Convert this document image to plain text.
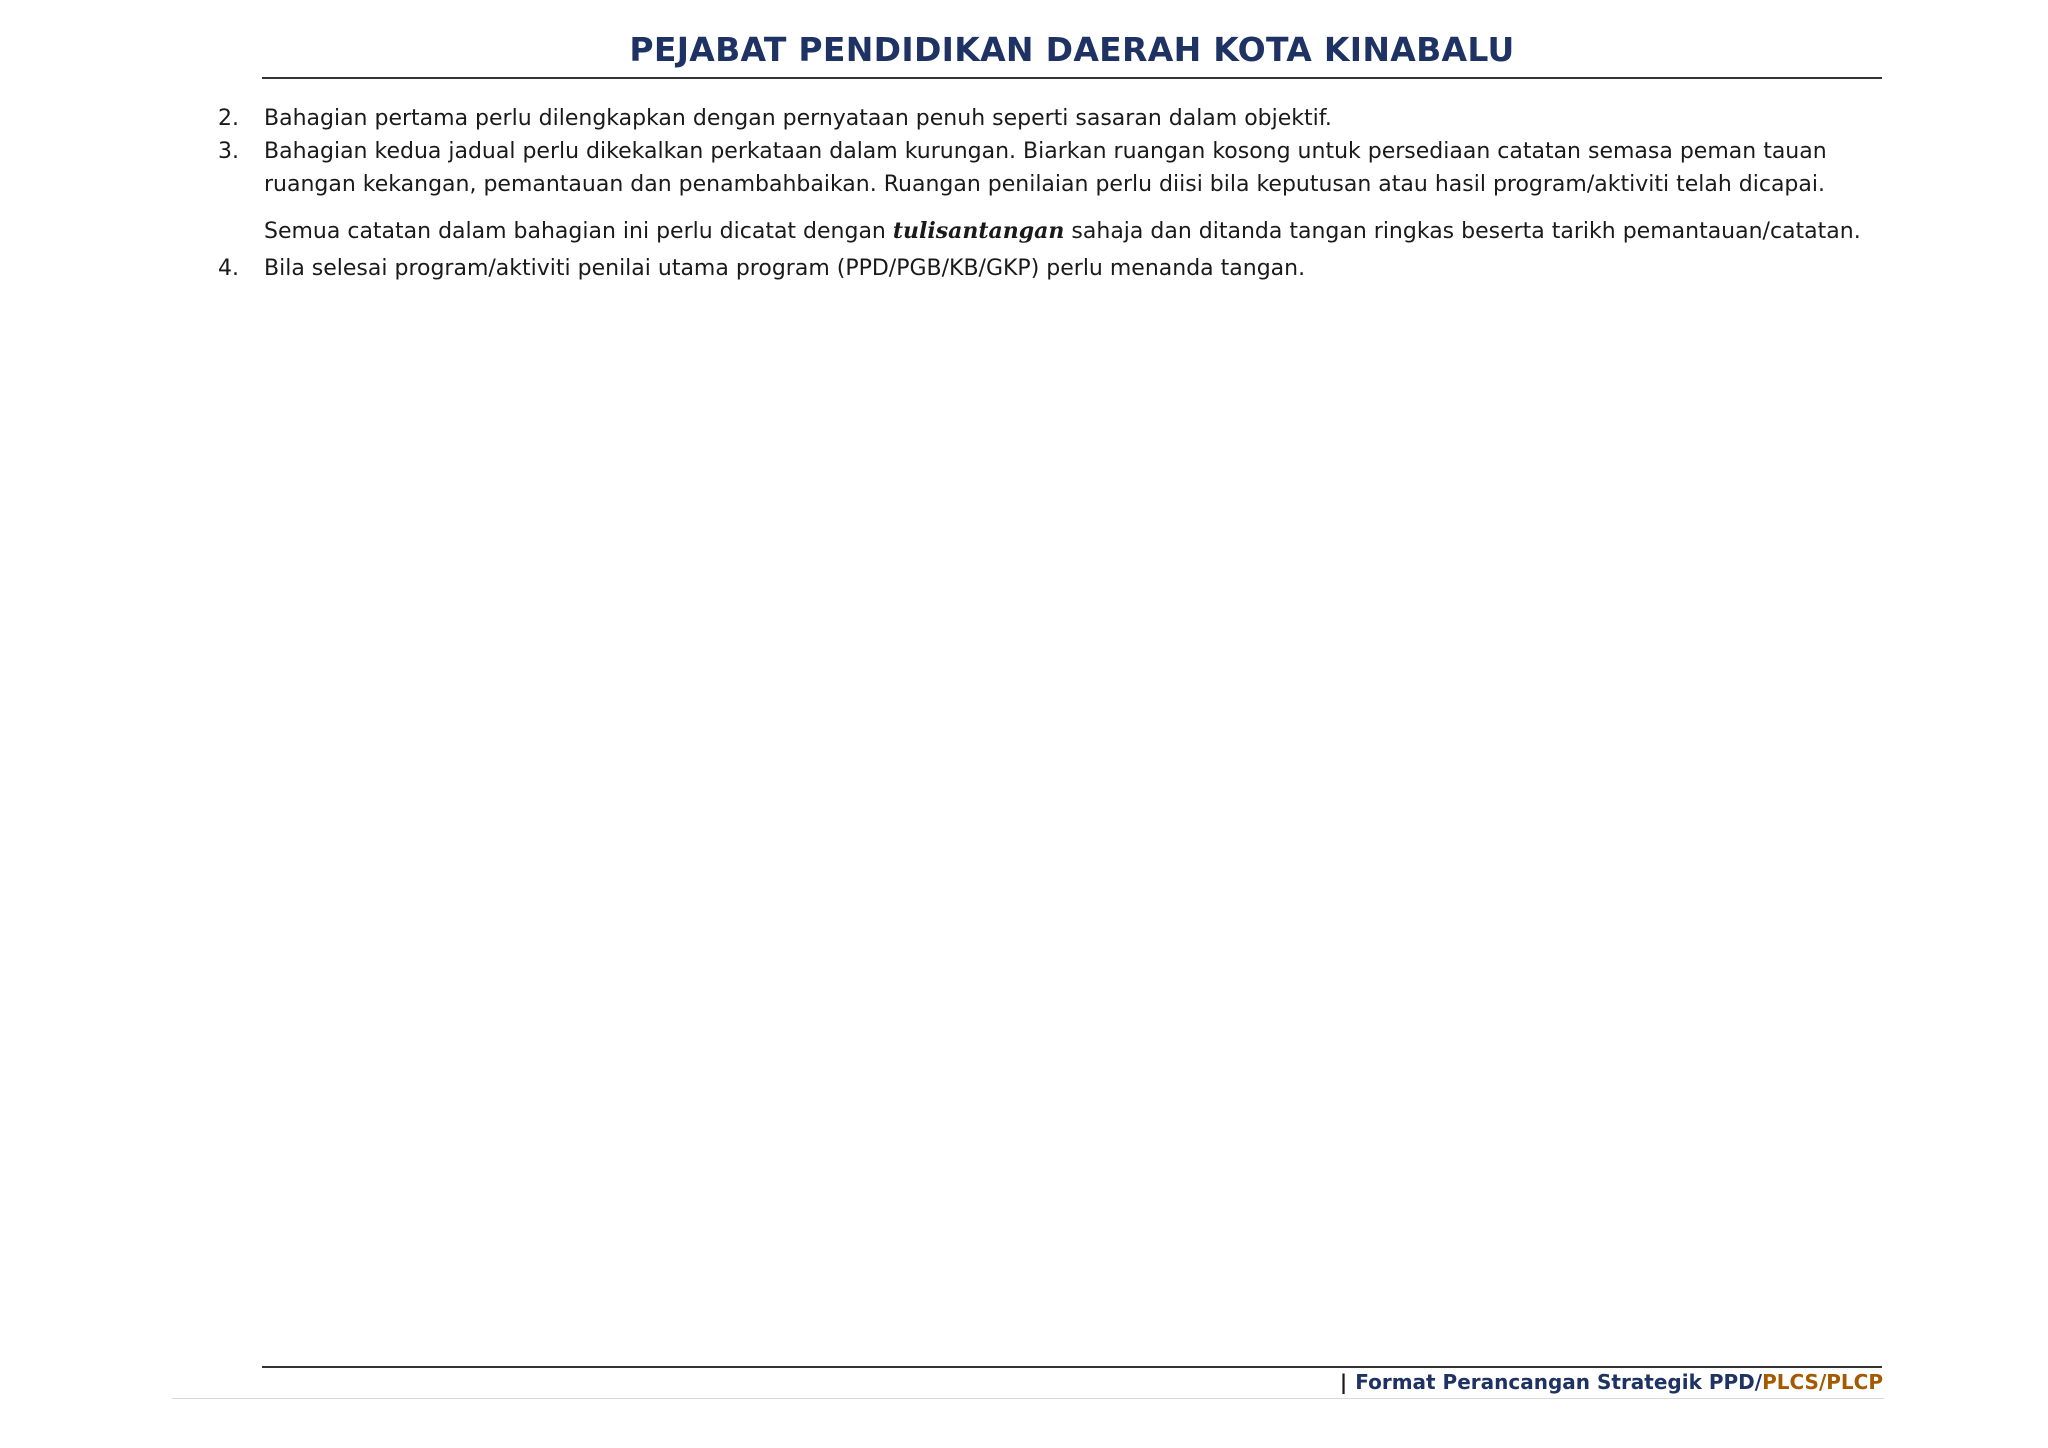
PEJABAT PENDIDIKAN DAERAH KOTA KINABALU
2.	Bahagian pertama perlu dilengkapkan dengan pernyataan penuh seperti sasaran dalam objektif.
3.	Bahagian kedua jadual perlu dikekalkan perkataan dalam kurungan. Biarkan ruangan kosong untuk persediaan catatan semasa peman tauan ruangan kekangan, pemantauan dan penambahbaikan. Ruangan penilaian perlu diisi bila keputusan atau hasil program/aktiviti telah dicapai.
Semua catatan dalam bahagian ini perlu dicatat dengan tulisantangan sahaja dan ditanda tangan ringkas beserta tarikh pemantauan/catatan.
4.	Bila selesai program/aktiviti penilai utama program (PPD/PGB/KB/GKP) perlu menanda tangan.
| Format Perancangan Strategik PPD/PLCS/PLCP
